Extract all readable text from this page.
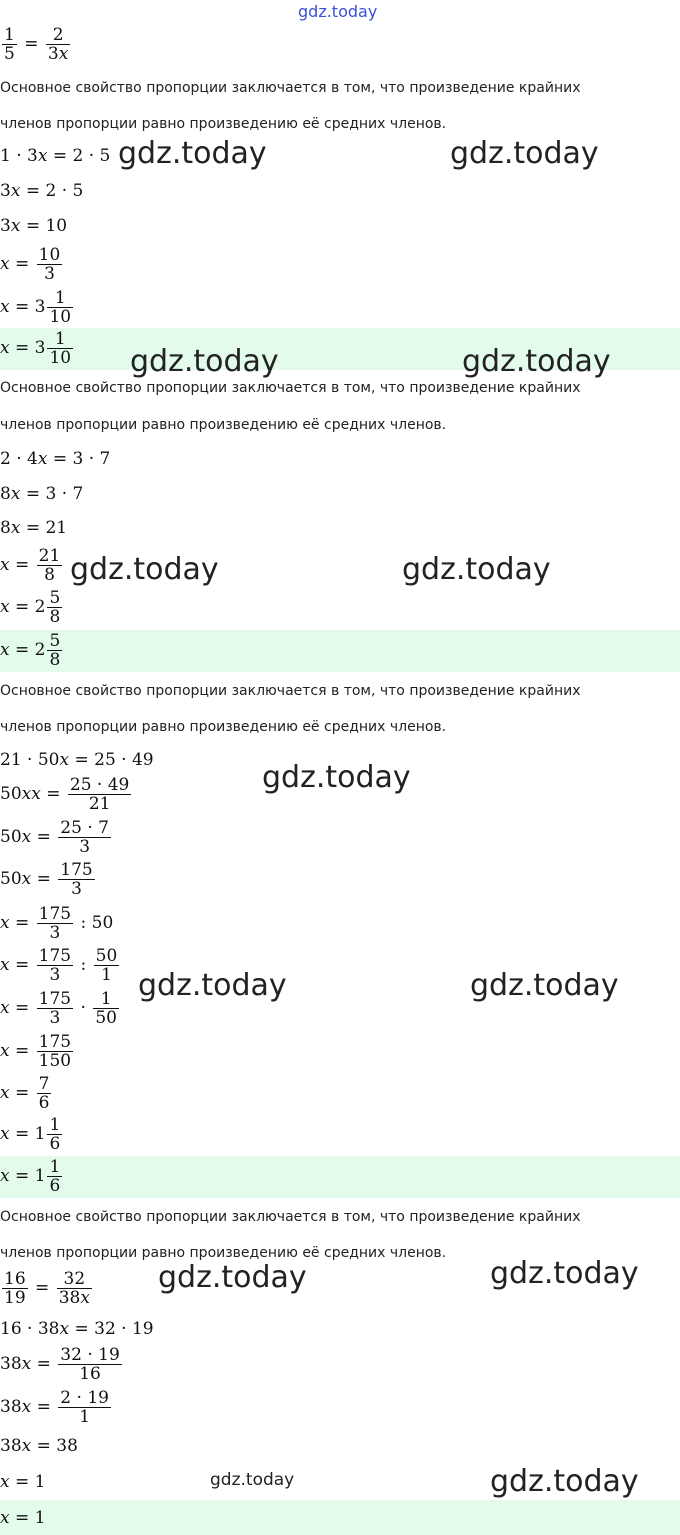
gdz.today
gdz.today	gdz.today
gdz.today	gdz.today
gdz.today	gdz.today
gdz.today
gdz.today	gdz.today
gdz.today	gdz.today
gdz.today	gdz.today
$\frac{1}{5} = \frac{2}{3x}$
Основное свойство пропорции заключается в том, что произведение крайних
членов пропорции равно произведению её средних членов.
1 · 3x = 2 · 5
3x = 2 · 5
3x = 10
$x = \frac{10}{3}$
$x = 3 \frac{1}{10}$
$x = 3 \frac{1}{10}$
Основное свойство пропорции заключается в том, что произведение крайних
членов пропорции равно произведению её средних членов.
2 · 4x = 3 · 7
8x = 3 · 7
8x = 21
$x = \frac{21}{8}$
$x = 2 \frac{5}{8}$
$x = 2 \frac{5}{8}$
Основное свойство пропорции заключается в том, что произведение крайних
членов пропорции равно произведению её средних членов.
21 · 50x = 25 · 49
$50xx = \frac{25 \cdot 49}{21}$
$50x = \frac{25 \cdot 7}{3}$
$50x = \frac{175}{3}$
$x = \frac{175}{3}$ : 50
$x = \frac{175}{3}$ : $\frac{50}{1}$
$x = \frac{175}{3} \cdot \frac{1}{50}$
$x = \frac{175}{150}$
$x = \frac{7}{6}$
$x = 1 \frac{1}{6}$
$x = 1 \frac{1}{6}$
Основное свойство пропорции заключается в том, что произведение крайних
членов пропорции равно произведению её средних членов.
$\frac{16}{19} = \frac{32}{38x}$
16 · 38x = 32 · 19
$38x = \frac{32 \cdot 19}{16}$
$38x = \frac{2 \cdot 19}{1}$
38x = 38
x = 1
x = 1
